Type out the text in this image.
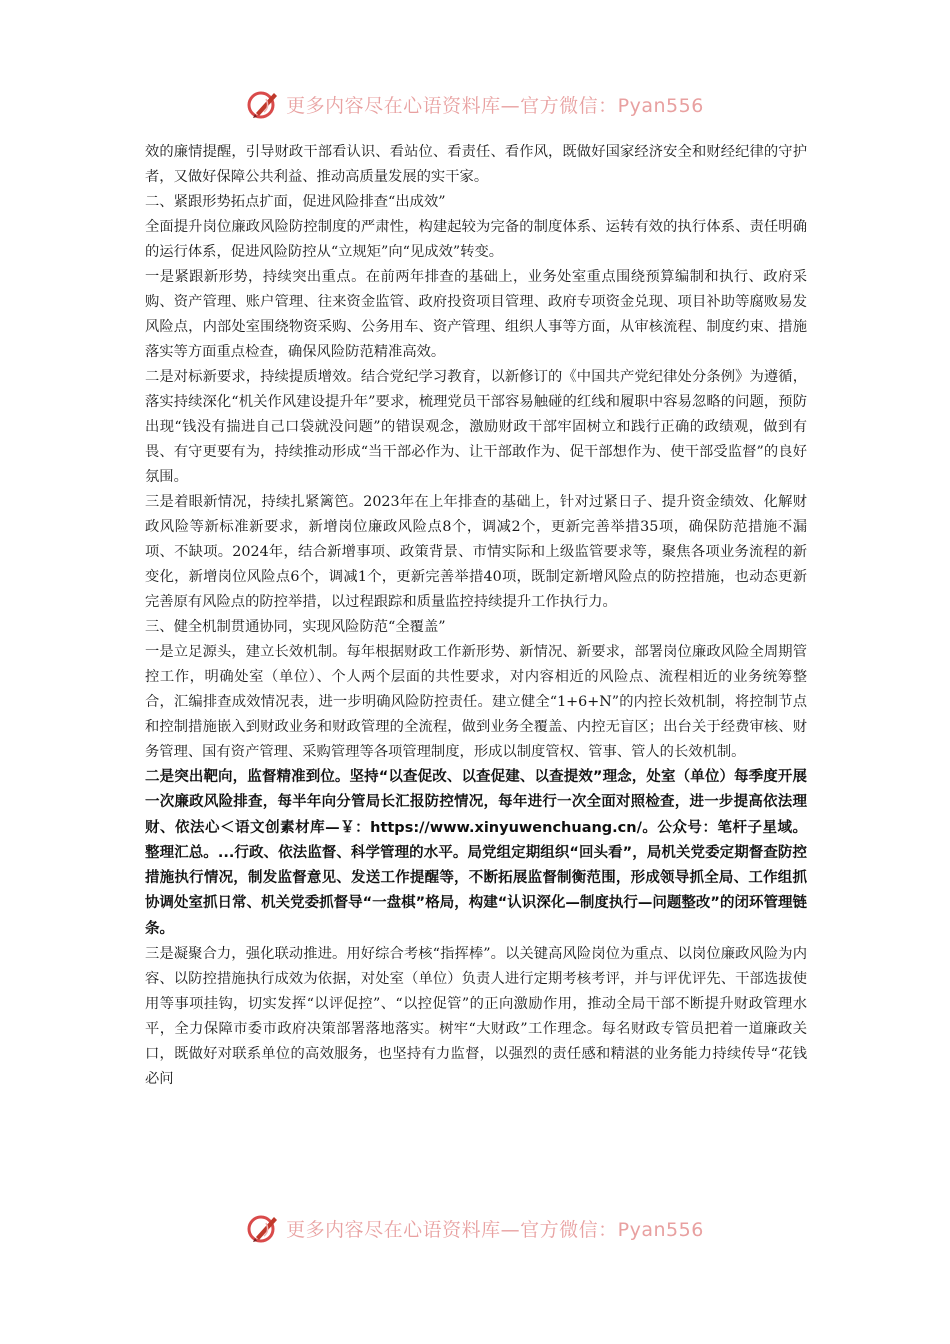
更多内容尽在心语资料库—官方微信：Pyan556

效的廉情提醒，引导财政干部看认识、看站位、看责任、看作风，既做好国家经济安全和财经纪律的守护者，又做好保障公共利益、推动高质量发展的实干家。

二、紧跟形势拓点扩面，促进风险排查“出成效”

全面提升岗位廉政风险防控制度的严肃性，构建起较为完备的制度体系、运转有效的执行体系、责任明确的运行体系，促进风险防控从“立规矩”向“见成效”转变。

一是紧跟新形势，持续突出重点。在前两年排查的基础上，业务处室重点围绕预算编制和执行、政府采购、资产管理、账户管理、往来资金监管、政府投资项目管理、政府专项资金兑现、项目补助等腐败易发风险点，内部处室围绕物资采购、公务用车、资产管理、组织人事等方面，从审核流程、制度约束、措施落实等方面重点检查，确保风险防范精准高效。

二是对标新要求，持续提质增效。结合党纪学习教育，以新修订的《中国共产党纪律处分条例》为遵循，落实持续深化“机关作风建设提升年”要求，梳理党员干部容易触碰的红线和履职中容易忽略的问题，预防出现“钱没有揣进自己口袋就没问题”的错误观念，激励财政干部牢固树立和践行正确的政绩观，做到有畏、有守更要有为，持续推动形成“当干部必作为、让干部敢作为、促干部想作为、使干部受监督”的良好氛围。

三是着眼新情况，持续扎紧篱笆。2023年在上年排查的基础上，针对过紧日子、提升资金绩效、化解财政风险等新标准新要求，新增岗位廉政风险点8个，调减2个，更新完善举措35项，确保防范措施不漏项、不缺项。2024年，结合新增事项、政策背景、市情实际和上级监管要求等，聚焦各项业务流程的新变化，新增岗位风险点6个，调减1个，更新完善举措40项，既制定新增风险点的防控措施，也动态更新完善原有风险点的防控举措，以过程跟踪和质量监控持续提升工作执行力。

三、健全机制贯通协同，实现风险防范“全覆盖”

一是立足源头，建立长效机制。每年根据财政工作新形势、新情况、新要求，部署岗位廉政风险全周期管控工作，明确处室（单位）、个人两个层面的共性要求，对内容相近的风险点、流程相近的业务统筹整合，汇编排查成效情况表，进一步明确风险防控责任。建立健全“1+6+N”的内控长效机制，将控制节点和控制措施嵌入到财政业务和财政管理的全流程，做到业务全覆盖、内控无盲区；出台关于经费审核、财务管理、国有资产管理、采购管理等各项管理制度，形成以制度管权、管事、管人的长效机制。

二是突出靶向，监督精准到位。坚持“以查促改、以查促建、以查提效”理念，处室（单位）每季度开展一次廉政风险排查，每半年向分管局长汇报防控情况，每年进行一次全面对照检查，进一步提高依法理财、依法心＜语文创素材库—￥：https://www.xinyuwenchuang.cn/。公众号：笔杆子星域。整理汇总。...行政、依法监督、科学管理的水平。局党组定期组织“回头看”，局机关党委定期督查防控措施执行情况，制发监督意见、发送工作提醒等，不断拓展监督制衡范围，形成领导抓全局、工作组抓协调处室抓日常、机关党委抓督导“一盘棋”格局，构建“认识深化—制度执行—问题整改”的闭环管理链条。

三是凝聚合力，强化联动推进。用好综合考核“指挥棒”。以关键高风险岗位为重点、以岗位廉政风险为内容、以防控措施执行成效为依据，对处室（单位）负责人进行定期考核考评，并与评优评先、干部选拔使用等事项挂钩，切实发挥“以评促控”、“以控促管”的正向激励作用，推动全局干部不断提升财政管理水平，全力保障市委市政府决策部署落地落实。树牢“大财政”工作理念。每名财政专管员把着一道廉政关口，既做好对联系单位的高效服务，也坚持有力监督，以强烈的责任感和精湛的业务能力持续传导“花钱必问

更多内容尽在心语资料库—官方微信：Pyan556
